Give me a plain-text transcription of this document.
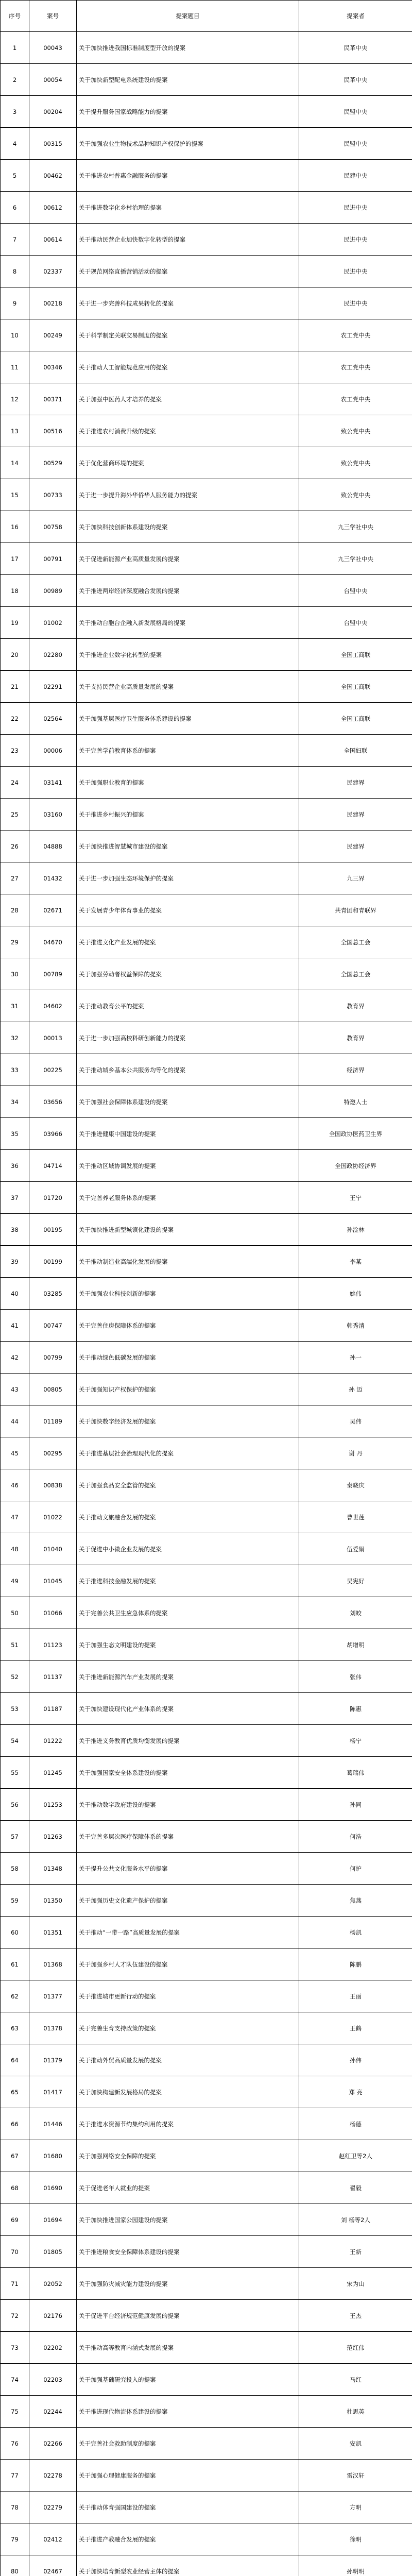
序号	案号	提案题目	提案者
1	00043	关于加快推进我国标准制度型开放的提案	民革中央
2	00054	关于加快新型配电系统建设的提案	民革中央
3	00204	关于提升服务国家战略能力的提案	民盟中央
4	00315	关于加强农业生物技术品种知识产权保护的提案	民盟中央
5	00462	关于推进农村普惠金融服务的提案	民建中央
6	00612	关于推进数字化乡村治理的提案	民进中央
7	00614	关于推动民营企业加快数字化转型的提案	民进中央
8	02337	关于规范网络直播营销活动的提案	民进中央
9	00218	关于进一步完善科技成果转化的提案	民进中央
10	00249	关于科学制定关联交易制度的提案	农工党中央
11	00346	关于推动人工智能规范应用的提案	农工党中央
12	00371	关于加强中医药人才培养的提案	农工党中央
13	00516	关于推进农村消费升级的提案	致公党中央
14	00529	关于优化营商环境的提案	致公党中央
15	00733	关于进一步提升海外华侨华人服务能力的提案	致公党中央
16	00758	关于加快科技创新体系建设的提案	九三学社中央
17	00791	关于促进新能源产业高质量发展的提案	九三学社中央
18	00989	关于推进两岸经济深度融合发展的提案	台盟中央
19	01002	关于推动台胞台企融入新发展格局的提案	台盟中央
20	02280	关于推进企业数字化转型的提案	全国工商联
21	02291	关于支持民营企业高质量发展的提案	全国工商联
22	02564	关于加强基层医疗卫生服务体系建设的提案	全国工商联
23	00006	关于完善学前教育体系的提案	全国妇联
24	03141	关于加强职业教育的提案	民建界
25	03160	关于推进乡村振兴的提案	民建界
26	04888	关于加快推进智慧城市建设的提案	民建界
27	01432	关于进一步加强生态环境保护的提案	九三界
28	02671	关于发展青少年体育事业的提案	共青团和青联界
29	04670	关于推进文化产业发展的提案	全国总工会
30	00789	关于加强劳动者权益保障的提案	全国总工会
31	04602	关于推动教育公平的提案	教育界
32	00013	关于进一步加强高校科研创新能力的提案	教育界
33	00225	关于推动城乡基本公共服务均等化的提案	经济界
34	03656	关于加强社会保障体系建设的提案	特邀人士
35	03966	关于推进健康中国建设的提案	全国政协医药卫生界
36	04714	关于推动区域协调发展的提案	全国政协经济界
37	01720	关于完善养老服务体系的提案	王宁
38	00195	关于加快推进新型城镇化建设的提案	孙淦林
39	00199	关于推动制造业高端化发展的提案	李某
40	03285	关于加强农业科技创新的提案	姚伟
41	00747	关于完善住房保障体系的提案	韩秀清
42	00799	关于推动绿色低碳发展的提案	孙一
43	00805	关于加强知识产权保护的提案	孙 迈
44	01189	关于加快数字经济发展的提案	吴伟
45	00295	关于推进基层社会治理现代化的提案	谢 丹
46	00838	关于加强食品安全监管的提案	秦晓庆
47	01022	关于推动文旅融合发展的提案	曹世莲
48	01040	关于促进中小微企业发展的提案	伍爱娟
49	01045	关于推进科技金融发展的提案	吴宪好
50	01066	关于完善公共卫生应急体系的提案	刘蛟
51	01123	关于加强生态文明建设的提案	胡增明
52	01137	关于推进新能源汽车产业发展的提案	张伟
53	01187	关于加快建设现代化产业体系的提案	陈惠
54	01222	关于推进义务教育优质均衡发展的提案	杨宁
55	01245	关于加强国家安全体系建设的提案	葛瑞伟
56	01253	关于推动数字政府建设的提案	孙同
57	01263	关于完善多层次医疗保障体系的提案	何浩
58	01348	关于提升公共文化服务水平的提案	何护
59	01350	关于加强历史文化遗产保护的提案	焦燕
60	01351	关于推动“一带一路”高质量发展的提案	杨凯
61	01368	关于加强乡村人才队伍建设的提案	陈鹏
62	01377	关于推进城市更新行动的提案	王丽
63	01378	关于完善生育支持政策的提案	王鹤
64	01379	关于推动外贸高质量发展的提案	孙伟
65	01417	关于加快构建新发展格局的提案	郑 亮
66	01446	关于推进水资源节约集约利用的提案	杨德
67	01680	关于加强网络安全保障的提案	赵红卫等2人
68	01690	关于促进老年人就业的提案	翟毅
69	01694	关于加快推进国家公园建设的提案	刘 杨等2人
70	01805	关于推进粮食安全保障体系建设的提案	王新
71	02052	关于加强防灾减灾能力建设的提案	宋为山
72	02176	关于促进平台经济规范健康发展的提案	王杰
73	02202	关于推动高等教育内涵式发展的提案	范红伟
74	02203	关于加强基础研究投入的提案	马红
75	02244	关于推进现代物流体系建设的提案	杜思英
76	02266	关于完善社会救助制度的提案	安凯
77	02278	关于加强心理健康服务的提案	雷汉轩
78	02279	关于推动体育强国建设的提案	方明
79	02412	关于推进产教融合发展的提案	徐明
80	02467	关于加快培育新型农业经营主体的提案	孙明明
